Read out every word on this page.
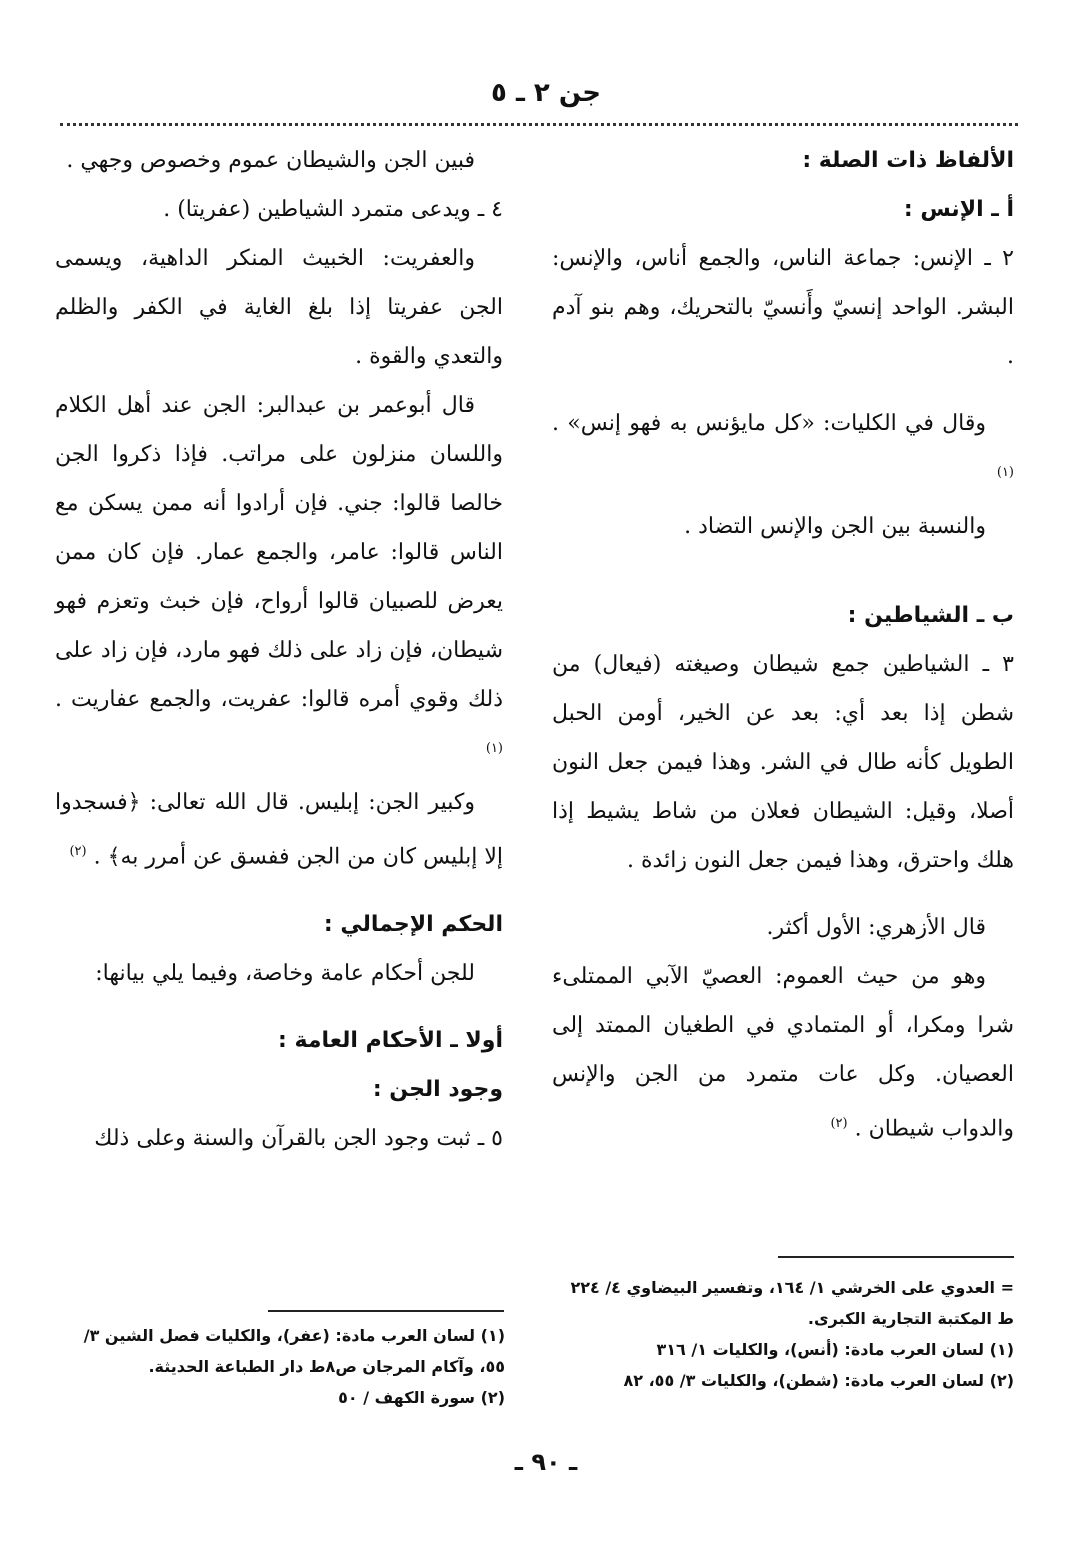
جن ٢ ـ ٥

الألفاظ ذات الصلة :

أ ـ الإنس :

٢ ـ الإنس: جماعة الناس، والجمع أناس، والإنس: البشر. الواحد إنسيّ وأَنسيّ بالتحريك، وهم بنو آدم .

وقال في الكليات: «كل مايؤنس به فهو إنس» . $^{(١)}$

والنسبة بين الجن والإنس التضاد .

ب ـ الشياطين :

٣ ـ الشياطين جمع شيطان وصيغته (فيعال) من شطن إذا بعد أي: بعد عن الخير، أومن الحبل الطويل كأنه طال في الشر. وهذا فيمن جعل النون أصلا، وقيل: الشيطان فعلان من شاط يشيط إذا هلك واحترق، وهذا فيمن جعل النون زائدة .

قال الأزهري: الأول أكثر.

وهو من حيث العموم: العصيّ الآبي الممتلىء شرا ومكرا، أو المتمادي في الطغيان الممتد إلى العصيان. وكل عات متمرد من الجن والإنس والدواب شيطان . $^{(٢)}$

فبين الجن والشيطان عموم وخصوص وجهي .

٤ ـ ويدعى متمرد الشياطين (عفريتا) .

والعفريت: الخبيث المنكر الداهية، ويسمى الجن عفريتا إذا بلغ الغاية في الكفر والظلم والتعدي والقوة .

قال أبوعمر بن عبدالبر: الجن عند أهل الكلام واللسان منزلون على مراتب. فإذا ذكروا الجن خالصا قالوا: جني. فإن أرادوا أنه ممن يسكن مع الناس قالوا: عامر، والجمع عمار. فإن كان ممن يعرض للصبيان قالوا أرواح، فإن خبث وتعزم فهو شيطان، فإن زاد على ذلك فهو مارد، فإن زاد على ذلك وقوي أمره قالوا: عفريت، والجمع عفاريت . $^{(١)}$

وكبير الجن: إبليس. قال الله تعالى: ﴿فسجدوا إلا إبليس كان من الجن ففسق عن أمرر به﴾ . $^{(٢)}$

الحكم الإجمالي :

للجن أحكام عامة وخاصة، وفيما يلي بيانها:

أولا ـ الأحكام العامة :

وجود الجن :

٥ ـ ثبت وجود الجن بالقرآن والسنة وعلى ذلك

= العدوي على الخرشي ١/ ١٦٤، وتفسير البيضاوي ٤/ ٢٢٤ ط المكتبة التجارية الكبرى.

(١) لسان العرب مادة: (أنس)، والكليات ١/ ٣١٦

(٢) لسان العرب مادة: (شطن)، والكليات ٣/ ٥٥، ٨٢

(١) لسان العرب مادة: (عفر)، والكليات فصل الشين ٣/ ٥٥، وآكام المرجان ص٨ط دار الطباعة الحديثة.

(٢) سورة الكهف / ٥٠

ـ ٩٠ ـ
